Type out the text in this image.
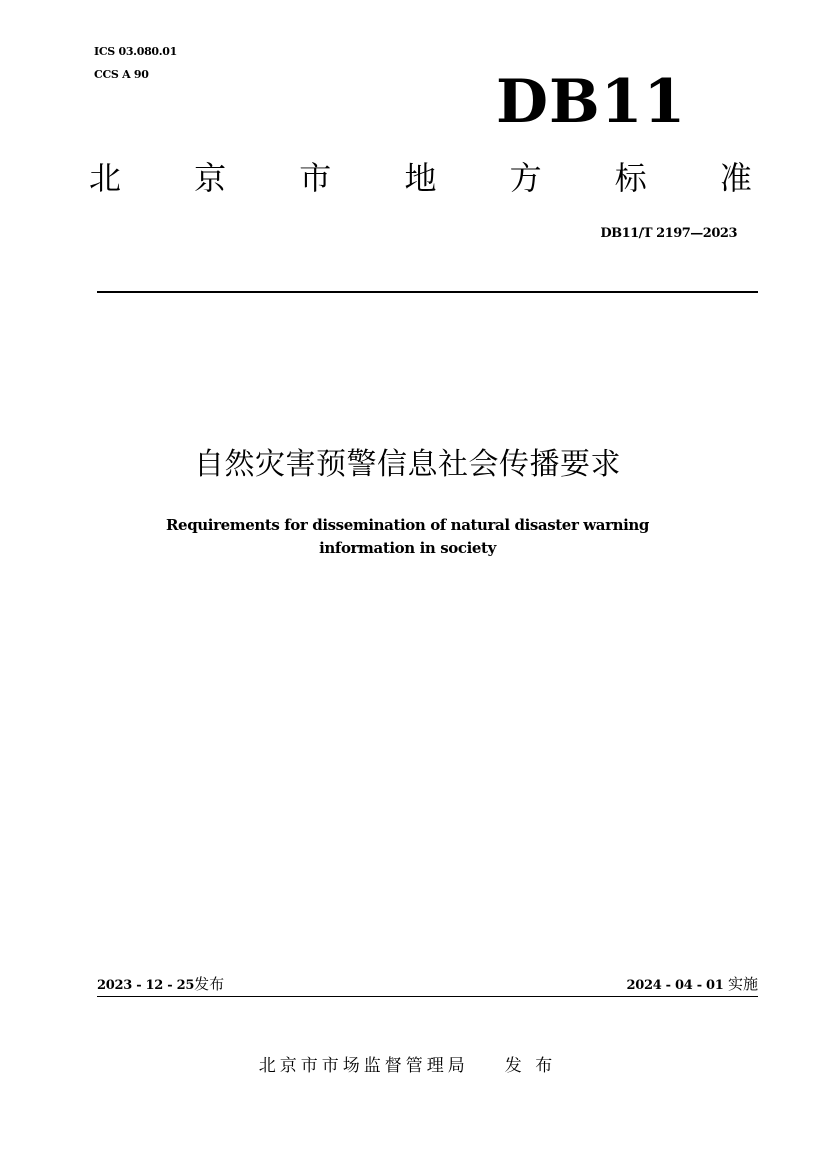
ICS 03.080.01
CCS A 90	DB11
北 京 市 地 方 标 准
DB11/T 2197—2023
自然灾害预警信息社会传播要求
Requirements for dissemination of natural disaster warning
information in society
2023 - 12 - 25发布	2024 - 04 - 01 实施
北京市市场监督管理局 发 布
